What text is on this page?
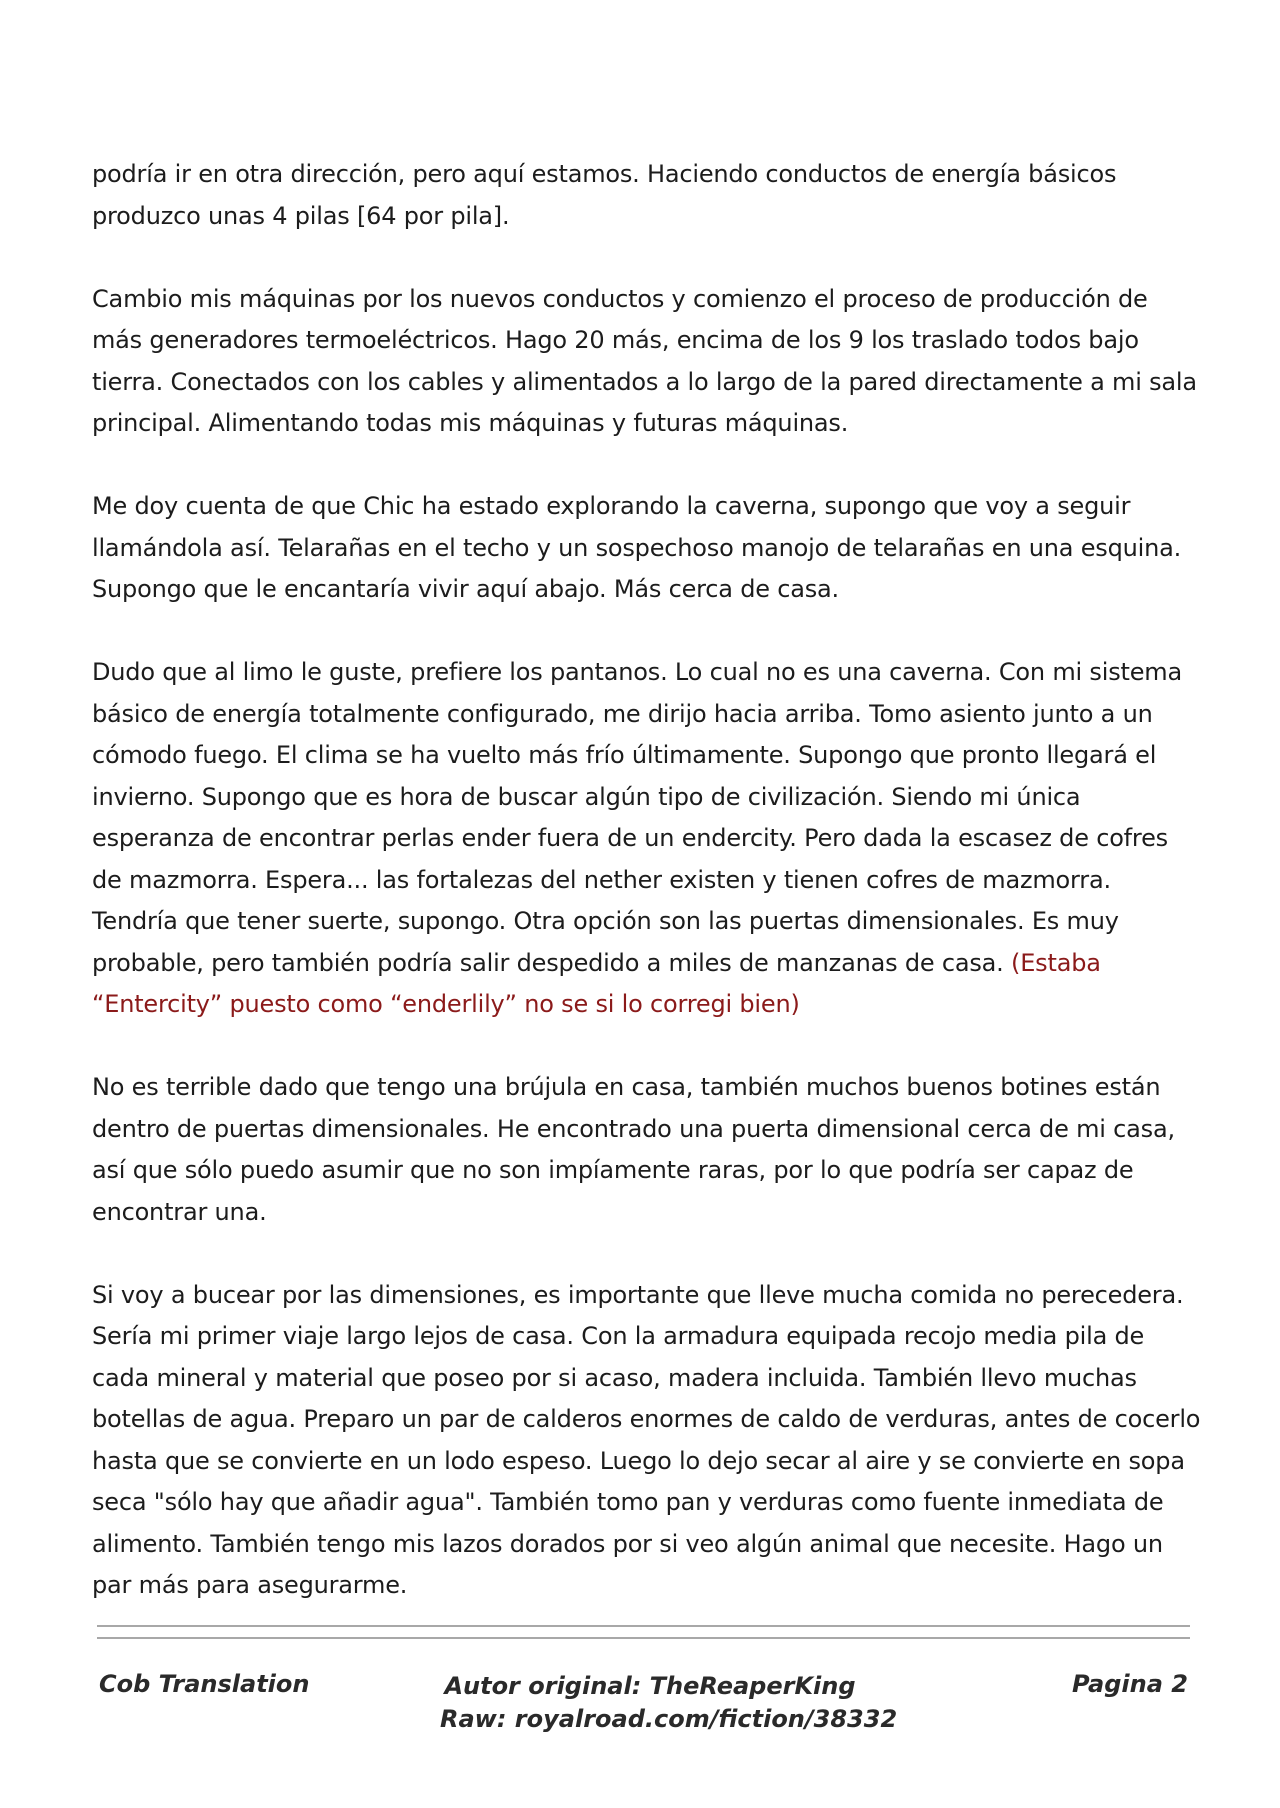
podría ir en otra dirección, pero aquí estamos. Haciendo conductos de energía básicos produzco unas 4 pilas [64 por pila].

Cambio mis máquinas por los nuevos conductos y comienzo el proceso de producción de más generadores termoeléctricos. Hago 20 más, encima de los 9 los traslado todos bajo tierra. Conectados con los cables y alimentados a lo largo de la pared directamente a mi sala principal. Alimentando todas mis máquinas y futuras máquinas.

Me doy cuenta de que Chic ha estado explorando la caverna, supongo que voy a seguir llamándola así. Telarañas en el techo y un sospechoso manojo de telarañas en una esquina. Supongo que le encantaría vivir aquí abajo. Más cerca de casa.

Dudo que al limo le guste, prefiere los pantanos. Lo cual no es una caverna. Con mi sistema básico de energía totalmente configurado, me dirijo hacia arriba. Tomo asiento junto a un cómodo fuego. El clima se ha vuelto más frío últimamente. Supongo que pronto llegará el invierno. Supongo que es hora de buscar algún tipo de civilización. Siendo mi única esperanza de encontrar perlas ender fuera de un endercity. Pero dada la escasez de cofres de mazmorra. Espera... las fortalezas del nether existen y tienen cofres de mazmorra. Tendría que tener suerte, supongo. Otra opción son las puertas dimensionales. Es muy probable, pero también podría salir despedido a miles de manzanas de casa. (Estaba “Entercity” puesto como “enderlily” no se si lo corregi bien)

No es terrible dado que tengo una brújula en casa, también muchos buenos botines están dentro de puertas dimensionales. He encontrado una puerta dimensional cerca de mi casa, así que sólo puedo asumir que no son impíamente raras, por lo que podría ser capaz de encontrar una.

Si voy a bucear por las dimensiones, es importante que lleve mucha comida no perecedera. Sería mi primer viaje largo lejos de casa. Con la armadura equipada recojo media pila de cada mineral y material que poseo por si acaso, madera incluida. También llevo muchas botellas de agua. Preparo un par de calderos enormes de caldo de verduras, antes de cocerlo hasta que se convierte en un lodo espeso. Luego lo dejo secar al aire y se convierte en sopa seca "sólo hay que añadir agua". También tomo pan y verduras como fuente inmediata de alimento. También tengo mis lazos dorados por si veo algún animal que necesite. Hago un par más para asegurarme.

Cob Translation	Autor original: TheReaperKing
Raw: royalroad.com/fiction/38332
Pagina 2
